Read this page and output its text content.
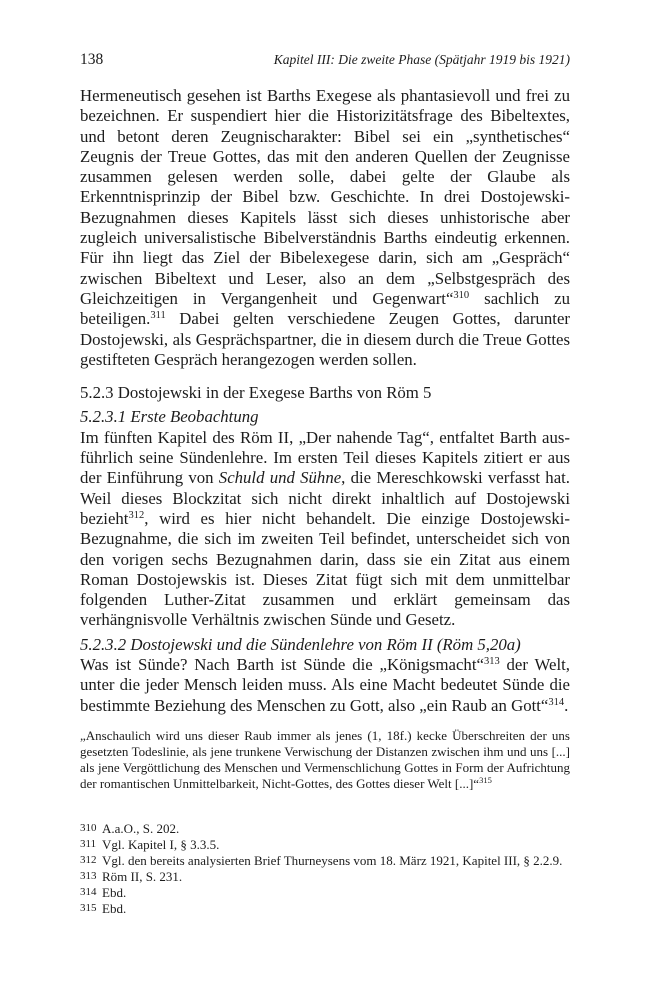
138	Kapitel III: Die zweite Phase (Spätjahr 1919 bis 1921)

Hermeneutisch gesehen ist Barths Exegese als phantasievoll und frei zu bezeichnen. Er suspendiert hier die Historizitätsfrage des Bibeltextes, und betont deren Zeugnischarakter: Bibel sei ein „synthetisches“ Zeugnis der Treue Gottes, das mit den anderen Quellen der Zeugnisse zusammen gelesen werden solle, dabei gelte der Glaube als Erkenntnisprinzip der Bibel bzw. Geschichte. In drei Dostojewski-Bezugnahmen dieses Kapitels lässt sich dieses unhistorische aber zugleich universalistische Bibelverständnis Barths eindeutig erkennen. Für ihn liegt das Ziel der Bibelexegese darin, sich am „Gespräch“ zwischen Bibeltext und Leser, also an dem „Selbstgespräch des Gleichzeitigen in Vergangenheit und Gegenwart“$^{310}$ sachlich zu beteiligen.$^{311}$ Dabei gelten verschiedene Zeugen Gottes, darunter Dostojewski, als Gesprächspartner, die in diesem durch die Treue Gottes gestifteten Gespräch herangezogen werden sollen.

5.2.3 Dostojewski in der Exegese Barths von Röm 5

5.2.3.1 Erste Beobachtung

Im fünften Kapitel des Röm II, „Der nahende Tag“, entfaltet Barth ausführlich seine Sündenlehre. Im ersten Teil dieses Kapitels zitiert er aus der Einführung von Schuld und Sühne, die Mereschkowski verfasst hat. Weil dieses Blockzitat sich nicht direkt inhaltlich auf Dostojewski bezieht$^{312}$, wird es hier nicht behandelt. Die einzige Dostojewski-Bezugnahme, die sich im zweiten Teil befindet, unterscheidet sich von den vorigen sechs Bezugnahmen darin, dass sie ein Zitat aus einem Roman Dostojewskis ist. Dieses Zitat fügt sich mit dem unmittelbar folgenden Luther-Zitat zusammen und erklärt gemeinsam das verhängnisvolle Verhältnis zwischen Sünde und Gesetz.

5.2.3.2 Dostojewski und die Sündenlehre von Röm II (Röm 5,20a)

Was ist Sünde? Nach Barth ist Sünde die „Königsmacht“$^{313}$ der Welt, unter die jeder Mensch leiden muss. Als eine Macht bedeutet Sünde die bestimmte Beziehung des Menschen zu Gott, also „ein Raub an Gott“$^{314}$.

„Anschaulich wird uns dieser Raub immer als jenes (1, 18f.) kecke Überschreiten der uns gesetzten Todeslinie, als jene trunkene Verwischung der Distanzen zwischen ihm und uns [...] als jene Vergöttlichung des Menschen und Vermenschlichung Gottes in Form der Aufrichtung der romantischen Unmittelbarkeit, Nicht-Gottes, des Gottes dieser Welt [...]“$^{315}$

310 A.a.O., S. 202.
311 Vgl. Kapitel I, § 3.3.5.
312 Vgl. den bereits analysierten Brief Thurneysens vom 18. März 1921, Kapitel III, § 2.2.9.
313 Röm II, S. 231.
314 Ebd.
315 Ebd.
